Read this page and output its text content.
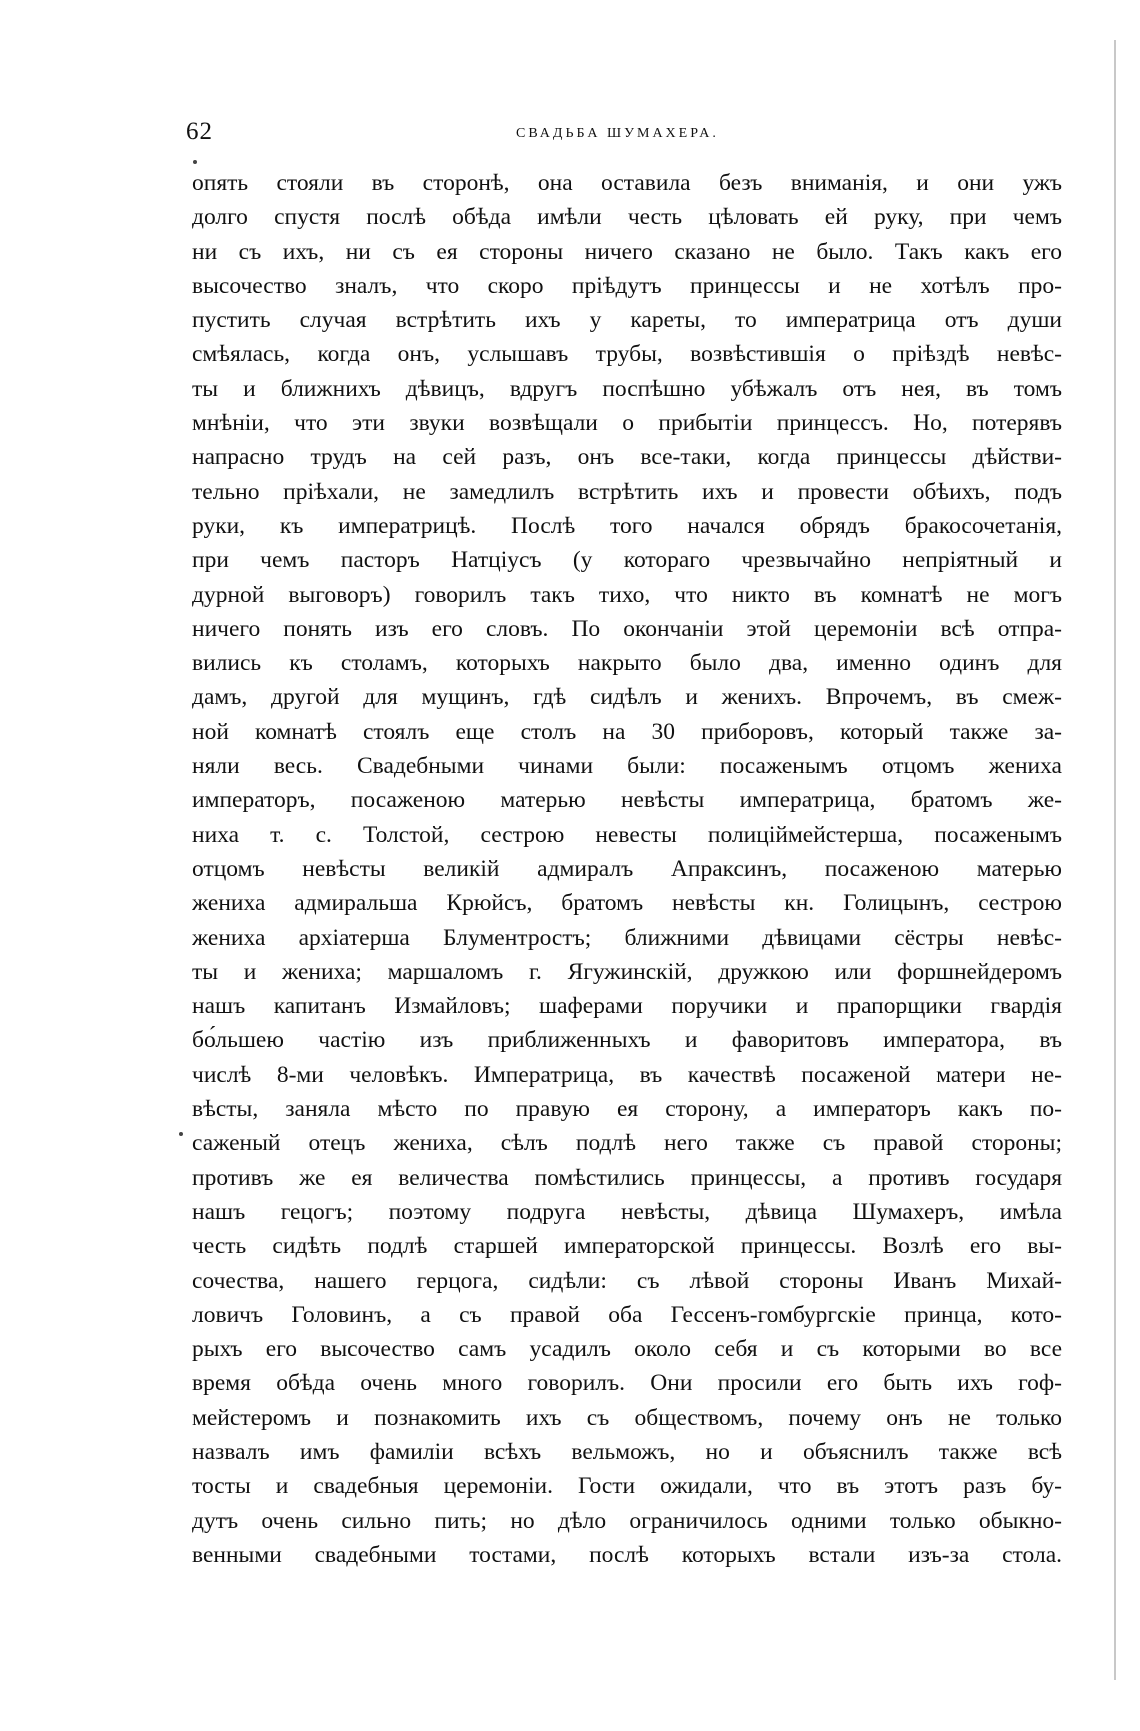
62	СВАДЬБА ШУМАХЕРА.
опять стояли въ сторонѣ, она оставила безъ вниманія, и они ужъ
долго спустя послѣ обѣда имѣли честь цѣловать ей руку, при чемъ
ни съ ихъ, ни съ ея стороны ничего сказано не было. Такъ какъ его
высочество зналъ, что скоро пріѣдутъ принцессы и не хотѣлъ про-
пустить случая встрѣтить ихъ у кареты, то императрица отъ души
смѣялась, когда онъ, услышавъ трубы, возвѣстившія о пріѣздѣ невѣс-
ты и ближнихъ дѣвицъ, вдругъ поспѣшно убѣжалъ отъ нея, въ томъ
мнѣніи, что эти звуки возвѣщали о прибытіи принцессъ. Но, потерявъ
напрасно трудъ на сей разъ, онъ все-таки, когда принцессы дѣйстви-
тельно пріѣхали, не замедлилъ встрѣтить ихъ и провести обѣихъ, подъ
руки, къ императрицѣ. Послѣ того начался обрядъ бракосочетанія,
при чемъ пасторъ Натціусъ (у котораго чрезвычайно непріятный и
дурной выговоръ) говорилъ такъ тихо, что никто въ комнатѣ не могъ
ничего понять изъ его словъ. По окончаніи этой церемоніи всѣ отпра-
вились къ столамъ, которыхъ накрыто было два, именно одинъ для
дамъ, другой для мущинъ, гдѣ сидѣлъ и женихъ. Впрочемъ, въ смеж-
ной комнатѣ стоялъ еще столъ на 30 приборовъ, который также за-
няли весь. Свадебными чинами были: посаженымъ отцомъ жениха
императоръ, посаженою матерью невѣсты императрица, братомъ же-
ниха т. с. Толстой, сестрою невесты полиціймейстерша, посаженымъ
отцомъ невѣсты великій адмиралъ Апраксинъ, посаженою матерью
жениха адмиральша Крюйсъ, братомъ невѣсты кн. Голицынъ, сестрою
жениха архіатерша Блументростъ; ближними дѣвицами сёстры невѣс-
ты и жениха; маршаломъ г. Ягужинскій, дружкою или форшнейдеромъ
нашъ капитанъ Измайловъ; шаферами поручики и прапорщики гвардія
бо́льшею частію изъ приближенныхъ и фаворитовъ императора, въ
числѣ 8-ми человѣкъ. Императрица, въ качествѣ посаженой матери не-
вѣсты, заняла мѣсто по правую ея сторону, а императоръ какъ по-
саженый отецъ жениха, сѣлъ подлѣ него также съ правой стороны;
противъ же ея величества помѣстились принцессы, а противъ государя
нашъ гецогъ; поэтому подруга невѣсты, дѣвица Шумахеръ, имѣла
честь сидѣть подлѣ старшей императорской принцессы. Возлѣ его вы-
сочества, нашего герцога, сидѣли: съ лѣвой стороны Иванъ Михай-
ловичъ Головинъ, а съ правой оба Гессенъ-гомбургскіе принца, кото-
рыхъ его высочество самъ усадилъ около себя и съ которыми во все
время обѣда очень много говорилъ. Они просили его быть ихъ гоф-
мейстеромъ и познакомить ихъ съ обществомъ, почему онъ не только
назвалъ имъ фамиліи всѣхъ вельможъ, но и объяснилъ также всѣ
тосты и свадебныя церемоніи. Гости ожидали, что въ этотъ разъ бу-
дутъ очень сильно пить; но дѣло ограничилось одними только обыкно-
венными свадебными тостами, послѣ которыхъ встали изъ-за стола.
